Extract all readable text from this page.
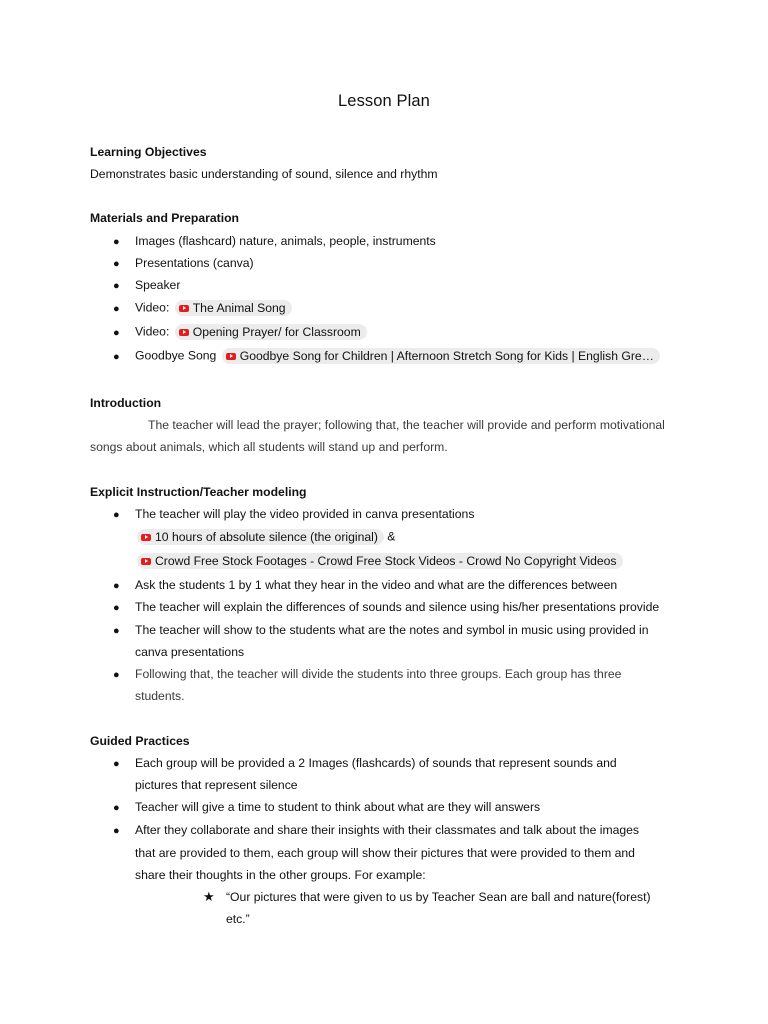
Lesson Plan
Learning Objectives
Demonstrates basic understanding of sound, silence and rhythm
Materials and Preparation
● Images (flashcard) nature, animals, people, instruments
● Presentations (canva)
● Speaker
● Video: The Animal Song
● Video: Opening Prayer/ for Classroom
● Goodbye Song Goodbye Song for Children | Afternoon Stretch Song for Kids | English Gre…
Introduction
The teacher will lead the prayer; following that, the teacher will provide and perform motivational
songs about animals, which all students will stand up and perform.
Explicit Instruction/Teacher modeling
● The teacher will play the video provided in canva presentations
10 hours of absolute silence (the original) &
Crowd Free Stock Footages - Crowd Free Stock Videos - Crowd No Copyright Videos
● Ask the students 1 by 1 what they hear in the video and what are the differences between
● The teacher will explain the differences of sounds and silence using his/her presentations provide
● The teacher will show to the students what are the notes and symbol in music using provided in
canva presentations
● Following that, the teacher will divide the students into three groups. Each group has three
students.
Guided Practices
● Each group will be provided a 2 Images (flashcards) of sounds that represent sounds and
pictures that represent silence
● Teacher will give a time to student to think about what are they will answers
● After they collaborate and share their insights with their classmates and talk about the images
that are provided to them, each group will show their pictures that were provided to them and
share their thoughts in the other groups. For example:
★ “Our pictures that were given to us by Teacher Sean are ball and nature(forest)
etc.”
